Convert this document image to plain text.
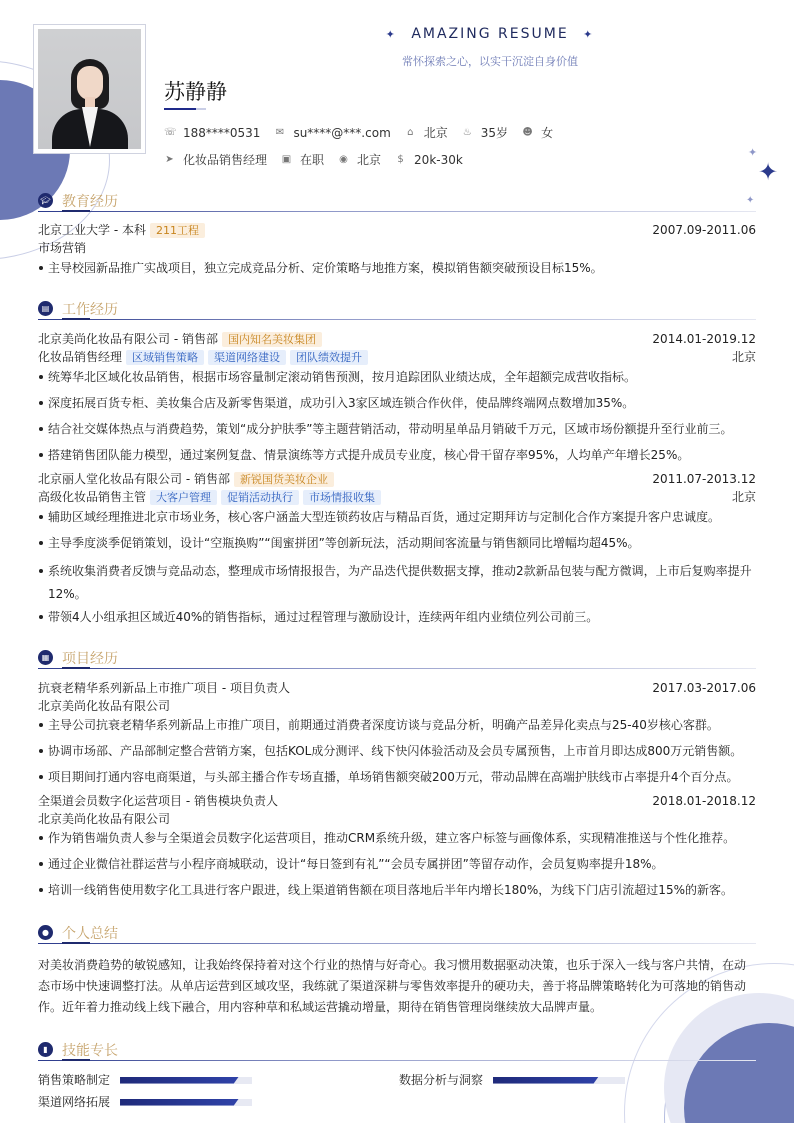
✦
✦
✦
✦ AMAZING RESUME ✦
常怀探索之心，以实干沉淀自身价值
苏静静
☏ 188****0531 ✉ su****@***.com ⌂ 北京 ♨ 35岁 ☻ 女
➤ 化妆品销售经理 ▣ 在职 ◉ 北京 $ 20k-30k
🎓︎ 教育经历
北京工业大学 - 本科 211工程	2007.09-2011.06
市场营销
主导校园新品推广实战项目，独立完成竞品分析、定价策略与地推方案，模拟销售额突破预设目标15%。
▤ 工作经历
北京美尚化妆品有限公司 - 销售部 国内知名美妆集团	2014.01-2019.12
化妆品销售经理 区域销售策略 渠道网络建设 团队绩效提升	北京
统筹华北区域化妆品销售，根据市场容量制定滚动销售预测，按月追踪团队业绩达成，全年超额完成营收指标。
深度拓展百货专柜、美妆集合店及新零售渠道，成功引入3家区域连锁合作伙伴，使品牌终端网点数增加35%。
结合社交媒体热点与消费趋势，策划“成分护肤季”等主题营销活动，带动明星单品月销破千万元，区域市场份额提升至行业前三。
搭建销售团队能力模型，通过案例复盘、情景演练等方式提升成员专业度，核心骨干留存率95%，人均单产年增长25%。
北京丽人堂化妆品有限公司 - 销售部 新锐国货美妆企业	2011.07-2013.12
高级化妆品销售主管 大客户管理 促销活动执行 市场情报收集	北京
辅助区域经理推进北京市场业务，核心客户涵盖大型连锁药妆店与精品百货，通过定期拜访与定制化合作方案提升客户忠诚度。
主导季度淡季促销策划，设计“空瓶换购”“闺蜜拼团”等创新玩法，活动期间客流量与销售额同比增幅均超45%。
系统收集消费者反馈与竞品动态，整理成市场情报报告，为产品迭代提供数据支撑，推动2款新品包装与配方微调，上市后复购率提升12%。
带领4人小组承担区域近40%的销售指标，通过过程管理与激励设计，连续两年组内业绩位列公司前三。
▦ 项目经历
抗衰老精华系列新品上市推广项目 - 项目负责人	2017.03-2017.06
北京美尚化妆品有限公司
主导公司抗衰老精华系列新品上市推广项目，前期通过消费者深度访谈与竞品分析，明确产品差异化卖点与25-40岁核心客群。
协调市场部、产品部制定整合营销方案，包括KOL成分测评、线下快闪体验活动及会员专属预售，上市首月即达成800万元销售额。
项目期间打通内容电商渠道，与头部主播合作专场直播，单场销售额突破200万元，带动品牌在高端护肤线市占率提升4个百分点。
全渠道会员数字化运营项目 - 销售模块负责人	2018.01-2018.12
北京美尚化妆品有限公司
作为销售端负责人参与全渠道会员数字化运营项目，推动CRM系统升级，建立客户标签与画像体系，实现精准推送与个性化推荐。
通过企业微信社群运营与小程序商城联动，设计“每日签到有礼”“会员专属拼团”等留存动作，会员复购率提升18%。
培训一线销售使用数字化工具进行客户跟进，线上渠道销售额在项目落地后半年内增长180%，为线下门店引流超过15%的新客。
● 个人总结
对美妆消费趋势的敏锐感知，让我始终保持着对这个行业的热情与好奇心。我习惯用数据驱动决策，也乐于深入一线与客户共情，在动态市场中快速调整打法。从单店运营到区域攻坚，我练就了渠道深耕与零售效率提升的硬功夫，善于将品牌策略转化为可落地的销售动作。近年着力推动线上线下融合，用内容种草和私域运营撬动增量，期待在销售管理岗继续放大品牌声量。
▮	技能专长
销售策略制定	数据分析与洞察
渠道网络拓展
